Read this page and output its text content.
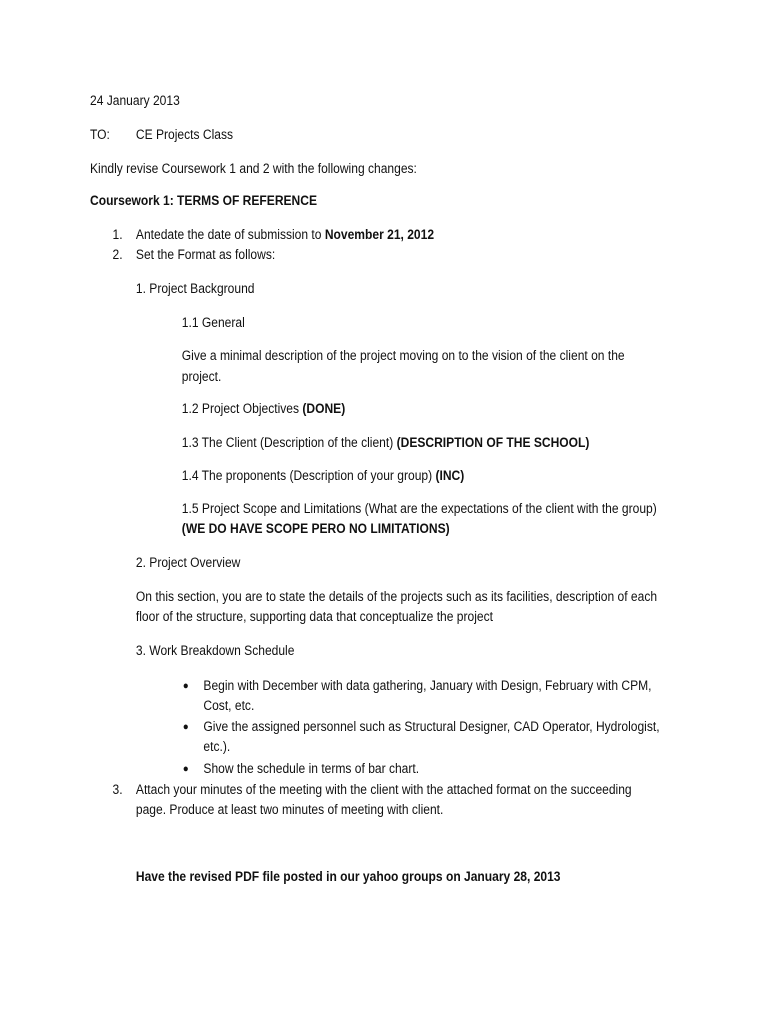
24 January 2013
TO: CE Projects Class
Kindly revise Coursework 1 and 2 with the following changes:
Coursework 1: TERMS OF REFERENCE
1. Antedate the date of submission to November 21, 2012
2. Set the Format as follows:
1. Project Background
1.1 General
Give a minimal description of the project moving on to the vision of the client on the
project.
1.2 Project Objectives (DONE)
1.3 The Client (Description of the client) (DESCRIPTION OF THE SCHOOL)
1.4 The proponents (Description of your group) (INC)
1.5 Project Scope and Limitations (What are the expectations of the client with the group)
(WE DO HAVE SCOPE PERO NO LIMITATIONS)
2. Project Overview
On this section, you are to state the details of the projects such as its facilities, description of each
floor of the structure, supporting data that conceptualize the project
3. Work Breakdown Schedule
● Begin with December with data gathering, January with Design, February with CPM,
Cost, etc.
● Give the assigned personnel such as Structural Designer, CAD Operator, Hydrologist,
etc.).
● Show the schedule in terms of bar chart.
3. Attach your minutes of the meeting with the client with the attached format on the succeeding
page. Produce at least two minutes of meeting with client.
Have the revised PDF file posted in our yahoo groups on January 28, 2013
